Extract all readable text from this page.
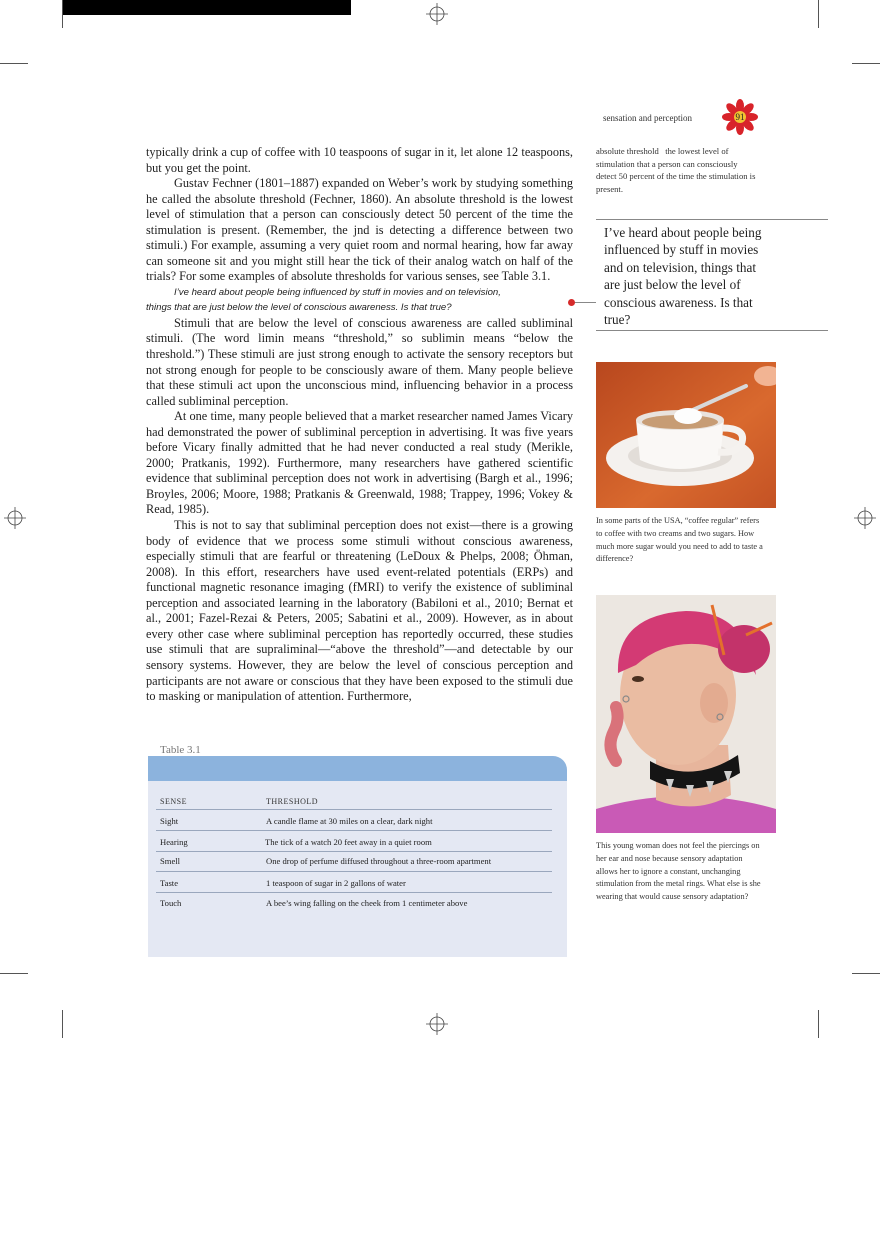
sensation and perception	91

typically drink a cup of coffee with 10 teaspoons of sugar in it, let alone 12 teaspoons, but you get the point.

Gustav Fechner (1801–1887) expanded on Weber’s work by studying something he called the absolute threshold (Fechner, 1860). An absolute threshold is the lowest level of stimulation that a person can consciously detect 50 percent of the time the stimulation is present. (Remember, the jnd is detecting a difference between two stimuli.) For example, assuming a very quiet room and normal hearing, how far away can someone sit and you might still hear the tick of their analog watch on half of the trials? For some examples of absolute thresholds for various senses, see Table 3.1.

I’ve heard about people being influenced by stuff in movies and on television,
things that are just below the level of conscious awareness. Is that true?

Stimuli that are below the level of conscious awareness are called subliminal stimuli. (The word limin means “threshold,” so sublimin means “below the threshold.”) These stimuli are just strong enough to activate the sensory receptors but not strong enough for people to be consciously aware of them. Many people believe that these stimuli act upon the unconscious mind, influencing behavior in a process called subliminal perception.

At one time, many people believed that a market researcher named James Vicary had demonstrated the power of subliminal perception in advertising. It was five years before Vicary finally admitted that he had never conducted a real study (Merikle, 2000; Pratkanis, 1992). Furthermore, many researchers have gathered scientific evidence that subliminal perception does not work in advertising (Bargh et al., 1996; Broyles, 2006; Moore, 1988; Pratkanis & Greenwald, 1988; Trappey, 1996; Vokey & Read, 1985).

This is not to say that subliminal perception does not exist—there is a growing body of evidence that we process some stimuli without conscious awareness, especially stimuli that are fearful or threatening (LeDoux & Phelps, 2008; Öhman, 2008). In this effort, researchers have used event-related potentials (ERPs) and functional magnetic resonance imaging (fMRI) to verify the existence of subliminal perception and associated learning in the laboratory (Babiloni et al., 2010; Bernat et al., 2001; Fazel-Rezai & Peters, 2005; Sabatini et al., 2009). However, as in about every other case where subliminal perception has reportedly occurred, these studies use stimuli that are supraliminal—“above the threshold”—and detectable by our sensory systems. However, they are below the level of conscious perception and participants are not aware or conscious that they have been exposed to the stimuli due to masking or manipulation of attention. Furthermore,

absolute threshold the lowest level of stimulation that a person can consciously detect 50 percent of the time the stimulation is present.
I’ve heard about people being influenced by stuff in movies and on television, things that are just below the level of conscious awareness. Is that true?
In some parts of the USA, “coffee regular” refers to coffee with two creams and two sugars. How much more sugar would you need to add to taste a difference?
This young woman does not feel the piercings on her ear and nose because sensory adaptation allows her to ignore a constant, unchanging stimulation from the metal rings. What else is she wearing that would cause sensory adaptation?
Table 3.1
SENSE	THRESHOLD
Sight	A candle flame at 30 miles on a clear, dark night
Hearing	The tick of a watch 20 feet away in a quiet room
Smell	One drop of perfume diffused throughout a three-room apartment
Taste	1 teaspoon of sugar in 2 gallons of water
Touch	A bee’s wing falling on the cheek from 1 centimeter above
